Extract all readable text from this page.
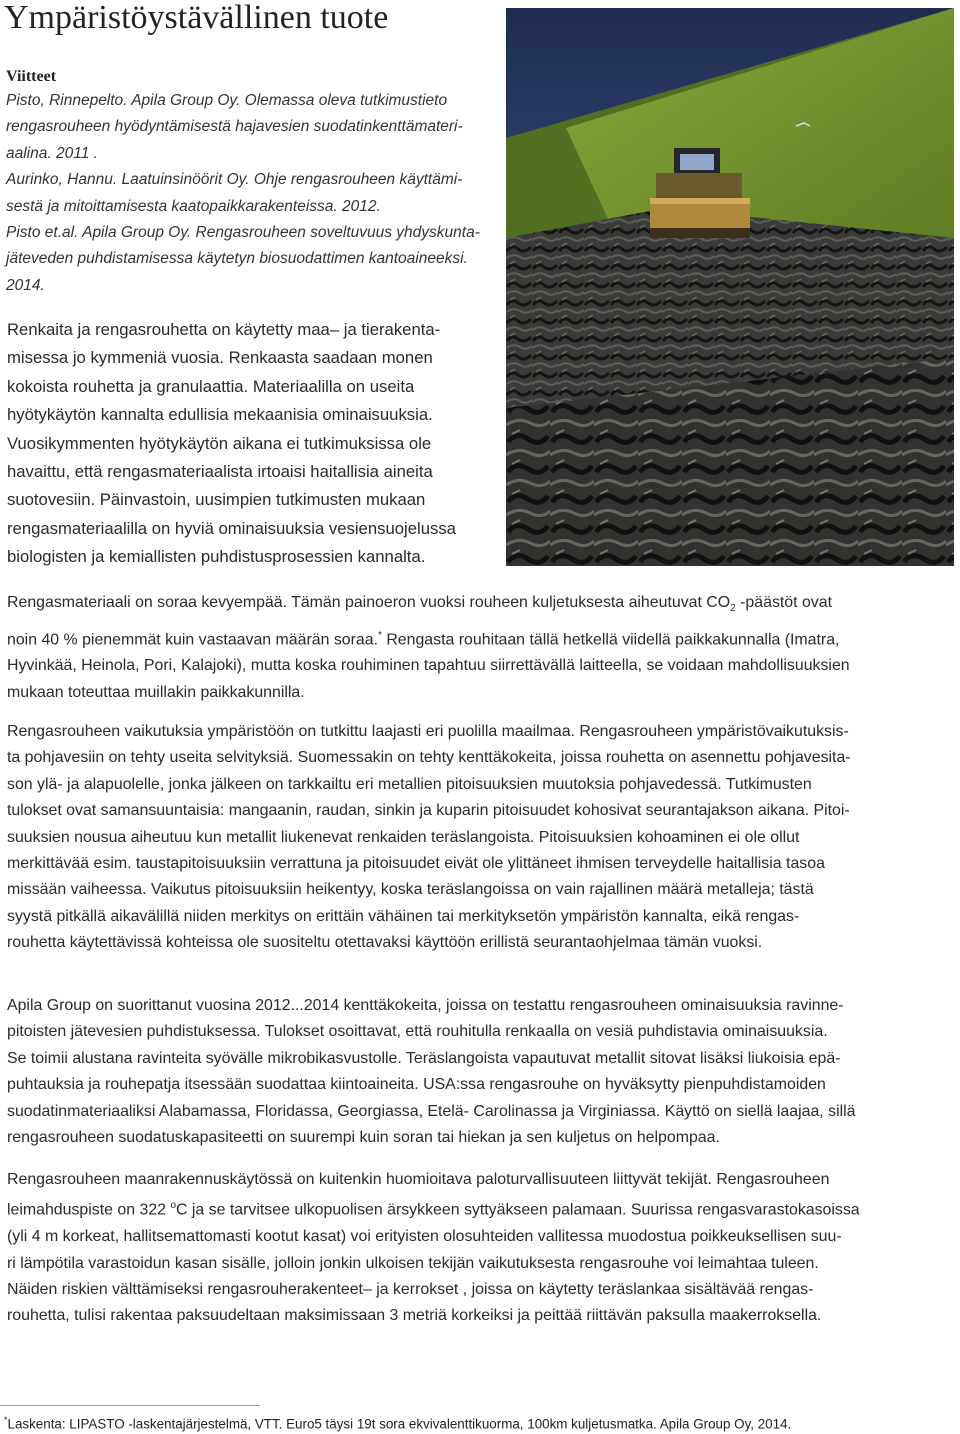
Ympäristöystävällinen tuote
Viitteet
Pisto, Rinnepelto. Apila Group Oy. Olemassa oleva tutkimustieto
rengasrouheen hyödyntämisestä hajavesien suodatinkenttämateri-
aalina. 2011 .
Aurinko, Hannu. Laatuinsinöörit Oy. Ohje rengasrouheen käyttämi-
sestä ja mitoittamisesta kaatopaikkarakenteissa. 2012.
Pisto et.al. Apila Group Oy. Rengasrouheen soveltuvuus yhdyskunta-
jäteveden puhdistamisessa käytetyn biosuodattimen kantoaineeksi.
2014.

Renkaita ja rengasrouhetta on käytetty maa– ja tierakenta-
misessa jo kymmeniä vuosia. Renkaasta saadaan monen
kokoista rouhetta ja granulaattia. Materiaalilla on useita
hyötykäytön kannalta edullisia mekaanisia ominaisuuksia.
Vuosikymmenten hyötykäytön aikana ei tutkimuksissa ole
havaittu, että rengasmateriaalista irtoaisi haitallisia aineita
suotovesiin. Päinvastoin, uusimpien tutkimusten mukaan
rengasmateriaalilla on hyviä ominaisuuksia vesiensuojelussa
biologisten ja kemiallisten puhdistusprosessien kannalta.

Rengasmateriaali on soraa kevyempää. Tämän painoeron vuoksi rouheen kuljetuksesta aiheutuvat $CO_2$ -päästöt ovat
noin 40 % pienemmät kuin vastaavan määrän soraa.* Rengasta rouhitaan tällä hetkellä viidellä paikkakunnalla (Imatra,
Hyvinkää, Heinola, Pori, Kalajoki), mutta koska rouhiminen tapahtuu siirrettävällä laitteella, se voidaan mahdollisuuksien
mukaan toteuttaa muillakin paikkakunnilla.

Rengasrouheen vaikutuksia ympäristöön on tutkittu laajasti eri puolilla maailmaa. Rengasrouheen ympäristövaikutuksis-
ta pohjavesiin on tehty useita selvityksiä. Suomessakin on tehty kenttäkokeita, joissa rouhetta on asennettu pohjavesita-
son ylä- ja alapuolelle, jonka jälkeen on tarkkailtu eri metallien pitoisuuksien muutoksia pohjavedessä. Tutkimusten
tulokset ovat samansuuntaisia: mangaanin, raudan, sinkin ja kuparin pitoisuudet kohosivat seurantajakson aikana. Pitoi-
suuksien nousua aiheutuu kun metallit liukenevat renkaiden teräslangoista. Pitoisuuksien kohoaminen ei ole ollut
merkittävää esim. taustapitoisuuksiin verrattuna ja pitoisuudet eivät ole ylittäneet ihmisen terveydelle haitallisia tasoa
missään vaiheessa. Vaikutus pitoisuuksiin heikentyy, koska teräslangoissa on vain rajallinen määrä metalleja; tästä
syystä pitkällä aikavälillä niiden merkitys on erittäin vähäinen tai merkityksetön ympäristön kannalta, eikä rengas-
rouhetta käytettävissä kohteissa ole suositeltu otettavaksi käyttöön erillistä seurantaohjelmaa tämän vuoksi.

Apila Group on suorittanut vuosina 2012...2014 kenttäkokeita, joissa on testattu rengasrouheen ominaisuuksia ravinne-
pitoisten jätevesien puhdistuksessa. Tulokset osoittavat, että rouhitulla renkaalla on vesiä puhdistavia ominaisuuksia.
Se toimii alustana ravinteita syövälle mikrobikasvustolle. Teräslangoista vapautuvat metallit sitovat lisäksi liukoisia epä-
puhtauksia ja rouhepatja itsessään suodattaa kiintoaineita. USA:ssa rengasrouhe on hyväksytty pienpuhdistamoiden
suodatinmateriaaliksi Alabamassa, Floridassa, Georgiassa, Etelä- Carolinassa ja Virginiassa. Käyttö on siellä laajaa, sillä
rengasrouheen suodatuskapasiteetti on suurempi kuin soran tai hiekan ja sen kuljetus on helpompaa.

Rengasrouheen maanrakennuskäytössä on kuitenkin huomioitava paloturvallisuuteen liittyvät tekijät. Rengasrouheen
leimahduspiste on 322 $^o$C ja se tarvitsee ulkopuolisen ärsykkeen syttyäkseen palamaan. Suurissa rengasvarastokasoissa
(yli 4 m korkeat, hallitsemattomasti kootut kasat) voi erityisten olosuhteiden vallitessa muodostua poikkeuksellisen suu-
ri lämpötila varastoidun kasan sisälle, jolloin jonkin ulkoisen tekijän vaikutuksesta rengasrouhe voi leimahtaa tuleen.
Näiden riskien välttämiseksi rengasrouherakenteet– ja kerrokset , joissa on käytetty teräslankaa sisältävää rengas-
rouhetta, tulisi rakentaa paksuudeltaan maksimissaan 3 metriä korkeiksi ja peittää riittävän paksulla maakerroksella.

*Laskenta: LIPASTO -laskentajärjestelmä, VTT. Euro5 täysi 19t sora ekvivalenttikuorma, 100km kuljetusmatka. Apila Group Oy, 2014.
